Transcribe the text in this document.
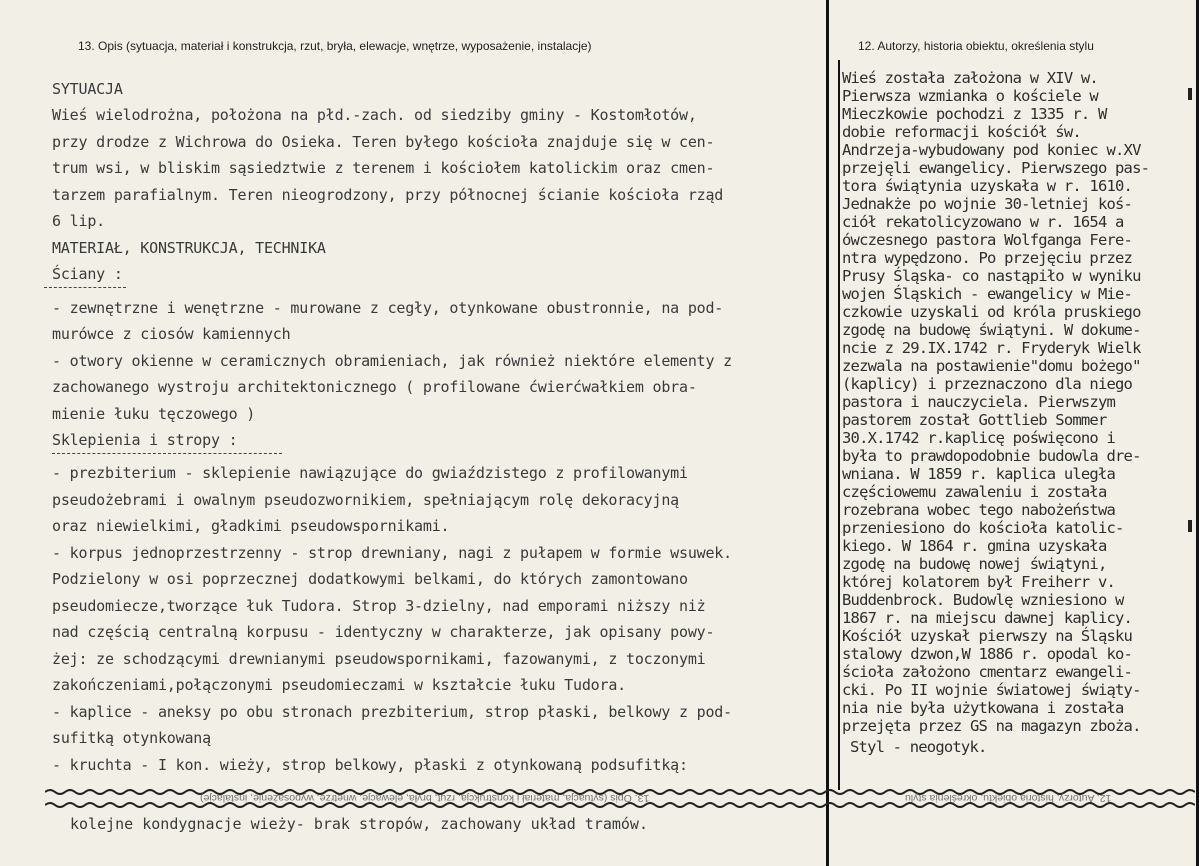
13. Opis (sytuacja, materiał i konstrukcja, rzut, bryła, elewacje, wnętrze, wyposażenie, instalacje)	12. Autorzy, historia obiektu, określenia stylu
SYTUACJA
Wieś wielodrożna, położona na płd.-zach. od siedziby gminy - Kostomłotów,
przy drodze z Wichrowa do Osieka. Teren byłego kościoła znajduje się w cen-
trum wsi, w bliskim sąsiedztwie z terenem i kościołem katolickim oraz cmen-
tarzem parafialnym. Teren nieogrodzony, przy północnej ścianie kościoła rząd
6 lip.
MATERIAŁ, KONSTRUKCJA, TECHNIKA
Ściany :
- zewnętrzne i wenętrzne - murowane z cegły, otynkowane obustronnie, na pod-
murówce z ciosów kamiennych
- otwory okienne w ceramicznych obramieniach, jak również niektóre elementy z
zachowanego wystroju architektonicznego ( profilowane ćwierćwałkiem obra-
mienie łuku tęczowego )
Sklepienia i stropy :
- prezbiterium - sklepienie nawiązujące do gwiaździstego z profilowanymi
pseudożebrami i owalnym pseudozwornikiem, spełniającym rolę dekoracyjną
oraz niewielkimi, gładkimi pseudowspornikami.
- korpus jednoprzestrzenny - strop drewniany, nagi z pułapem w formie wsuwek.
Podzielony w osi poprzecznej dodatkowymi belkami, do których zamontowano
pseudomiecze,tworzące łuk Tudora. Strop 3-dzielny, nad emporami niższy niż
nad częścią centralną korpusu - identyczny w charakterze, jak opisany powy-
żej: ze schodzącymi drewnianymi pseudowspornikami, fazowanymi, z toczonymi
zakończeniami,połączonymi pseudomieczami w kształcie łuku Tudora.
- kaplice - aneksy po obu stronach prezbiterium, strop płaski, belkowy z pod-
sufitką otynkowaną
- kruchta - I kon. wieży, strop belkowy, płaski z otynkowaną podsufitką:
Wieś została założona w XIV w.
Pierwsza wzmianka o kościele w
Mieczkowie pochodzi z 1335 r. W
dobie reformacji kościół św.
Andrzeja-wybudowany pod koniec w.XV
przejęli ewangelicy. Pierwszego pas-
tora świątynia uzyskała w r. 1610.
Jednakże po wojnie 30-letniej koś-
ciół rekatolicyzowano w r. 1654 a
ówczesnego pastora Wolfganga Fere-
ntra wypędzono. Po przejęciu przez
Prusy Śląska- co nastąpiło w wyniku
wojen Śląskich - ewangelicy w Mie-
czkowie uzyskali od króla pruskiego
zgodę na budowę świątyni. W dokume-
ncie z 29.IX.1742 r. Fryderyk Wielk
zezwala na postawienie"domu bożego"
(kaplicy) i przeznaczono dla niego
pastora i nauczyciela. Pierwszym
pastorem został Gottlieb Sommer
30.X.1742 r.kaplicę poświęcono i
była to prawdopodobnie budowla dre-
wniana. W 1859 r. kaplica uległa
częściowemu zawaleniu i została
rozebrana wobec tego nabożeństwa
przeniesiono do kościoła katolic-
kiego. W 1864 r. gmina uzyskała
zgodę na budowę nowej świątyni,
której kolatorem był Freiherr v.
Buddenbrock. Budowlę wzniesiono w
1867 r. na miejscu dawnej kaplicy.
Kościół uzyskał pierwszy na Śląsku
stalowy dzwon,W 1886 r. opodal ko-
ścioła założono cmentarz ewangeli-
cki. Po II wojnie światowej świąty-
nia nie była użytkowana i została
przejęta przez GS na magazyn zboża.
Styl - neogotyk.
13. Opis (sytuacja, materiał i konstrukcja, rzut, bryła, elewacje, wnętrze, wyposażenie, instalacje)	12. Autorzy, historia obiektu, określenia stylu
kolejne kondygnacje wieży- brak stropów, zachowany układ tramów.
